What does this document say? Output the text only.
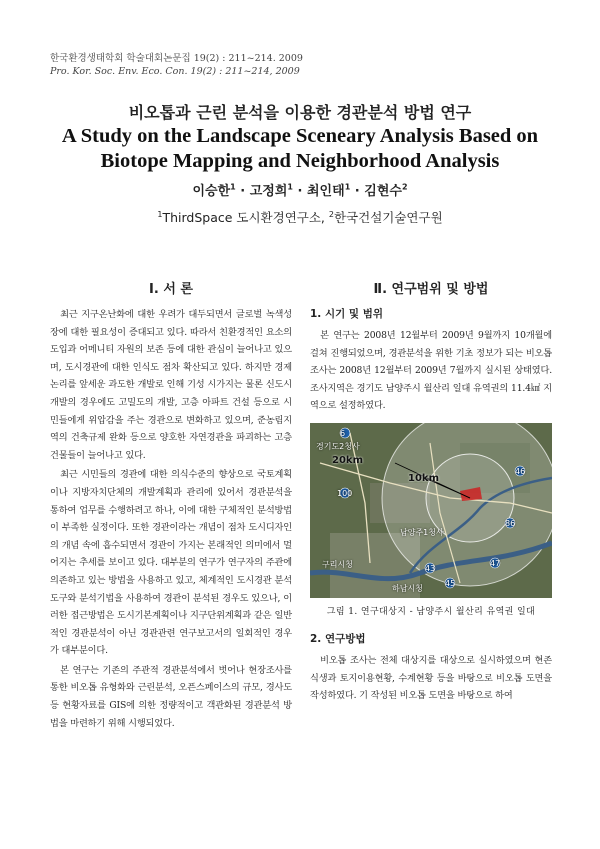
한국환경생태학회 학술대회논문집 19(2) : 211~214. 2009
Pro. Kor. Soc. Env. Eco. Con. 19(2) : 211~214, 2009
비오톱과 근린 분석을 이용한 경관분석 방법 연구
A Study on the Landscape Sceneary Analysis Based on Biotope Mapping and Neighborhood Analysis
이승한$^1$ · 고정희$^1$ · 최인태$^1$ · 김현수$^2$
$^1$ThirdSpace 도시환경연구소, $^2$한국건설기술연구원
Ⅰ. 서 론

최근 지구온난화에 대한 우려가 대두되면서 글로벌 녹색성장에 대한 필요성이 증대되고 있다. 따라서 친환경적인 요소의 도입과 어메니티 자원의 보존 등에 대한 관심이 늘어나고 있으며, 도시경관에 대한 인식도 점차 확산되고 있다. 하지만 경제논리를 앞세운 과도한 개발로 인해 기성 시가지는 물론 신도시 개발의 경우에도 고밀도의 개발, 고층 아파트 건설 등으로 시민들에게 위압감을 주는 경관으로 변화하고 있으며, 준농림지역의 건축규제 완화 등으로 양호한 자연경관을 파괴하는 고층건물들이 늘어나고 있다.

최근 시민들의 경관에 대한 의식수준의 향상으로 국토계획이나 지방자치단체의 개발계획과 관리에 있어서 경관분석을 통하여 업무를 수행하려고 하나, 이에 대한 구체적인 분석방법이 부족한 실정이다. 또한 경관이라는 개념이 점차 도시디자인의 개념 속에 흡수되면서 경관이 가지는 본래적인 의미에서 멀어지는 추세를 보이고 있다. 대부분의 연구가 연구자의 주관에 의존하고 있는 방법을 사용하고 있고, 체계적인 도시경관 분석도구와 분석기법을 사용하여 경관이 분석된 경우도 있으나, 이러한 접근방법은 도시기본계획이나 지구단위계획과 같은 일반적인 경관분석이 아닌 경관관련 연구보고서의 일회적인 경우가 대부분이다.

본 연구는 기존의 주관적 경관분석에서 벗어나 현장조사를 통한 비오톱 유형화와 근린분석, 오픈스페이스의 규모, 경사도 등 현황자료를 GIS에 의한 정량적이고 객관화된 경관분석 방법을 마련하기 위해 시행되었다.

Ⅱ. 연구범위 및 방법
1. 시기 및 범위

본 연구는 2008년 12월부터 2009년 9월까지 10개월에 걸쳐 진행되었으며, 경관분석을 위한 기초 정보가 되는 비오톱 조사는 2008년 12월부터 2009년 7월까지 실시된 상태였다. 조사지역은 경기도 남양주시 월산리 일대 유역권의 11.4㎢ 지역으로 설정하였다.

6
46
47
100
45
86
43
경기도2청사
20km
10km
남양주1청사
구리시청
하남시청
그림 1. 연구대상지 - 남양주시 월산리 유역권 일대
2. 연구방법

비오톱 조사는 전체 대상지를 대상으로 실시하였으며 현존식생과 토지이용현황, 수계현황 등을 바탕으로 비오톱 도면을 작성하였다. 기 작성된 비오톱 도면을 바탕으로 하여
